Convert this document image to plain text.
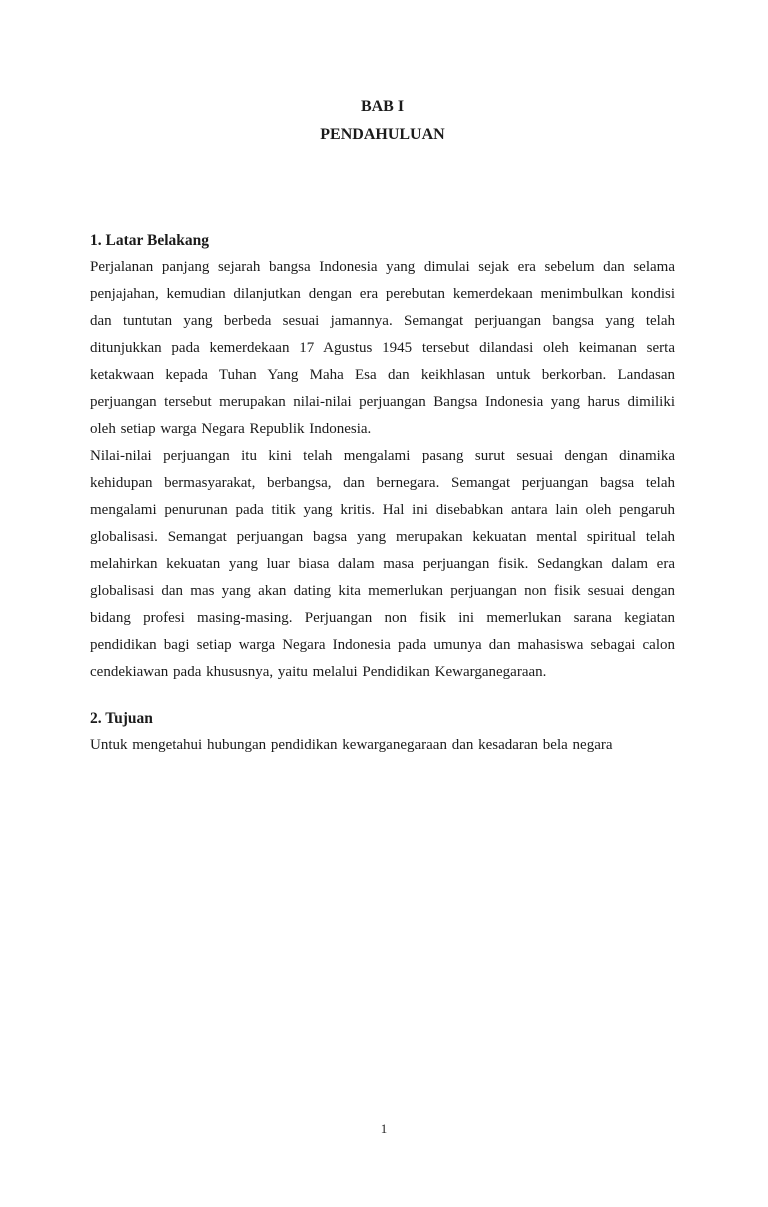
BAB I
PENDAHULUAN
1. Latar Belakang
Perjalanan panjang sejarah bangsa Indonesia yang dimulai sejak era sebelum dan selama
penjajahan, kemudian dilanjutkan dengan era perebutan kemerdekaan menimbulkan kondisi
dan tuntutan yang berbeda sesuai jamannya. Semangat perjuangan bangsa yang telah
ditunjukkan pada kemerdekaan 17 Agustus 1945 tersebut dilandasi oleh keimanan serta
ketakwaan kepada Tuhan Yang Maha Esa dan keikhlasan untuk berkorban. Landasan
perjuangan tersebut merupakan nilai-nilai perjuangan Bangsa Indonesia yang harus dimiliki
oleh setiap warga Negara Republik Indonesia.
Nilai-nilai perjuangan itu kini telah mengalami pasang surut sesuai dengan dinamika
kehidupan bermasyarakat, berbangsa, dan bernegara. Semangat perjuangan bagsa telah
mengalami penurunan pada titik yang kritis. Hal ini disebabkan antara lain oleh pengaruh
globalisasi. Semangat perjuangan bagsa yang merupakan kekuatan mental spiritual telah
melahirkan kekuatan yang luar biasa dalam masa perjuangan fisik. Sedangkan dalam era
globalisasi dan mas yang akan dating kita memerlukan perjuangan non fisik sesuai dengan
bidang profesi masing-masing. Perjuangan non fisik ini memerlukan sarana kegiatan
pendidikan bagi setiap warga Negara Indonesia pada umunya dan mahasiswa sebagai calon
cendekiawan pada khususnya, yaitu melalui Pendidikan Kewarganegaraan.
2. Tujuan
Untuk mengetahui hubungan pendidikan kewarganegaraan dan kesadaran bela negara
1
